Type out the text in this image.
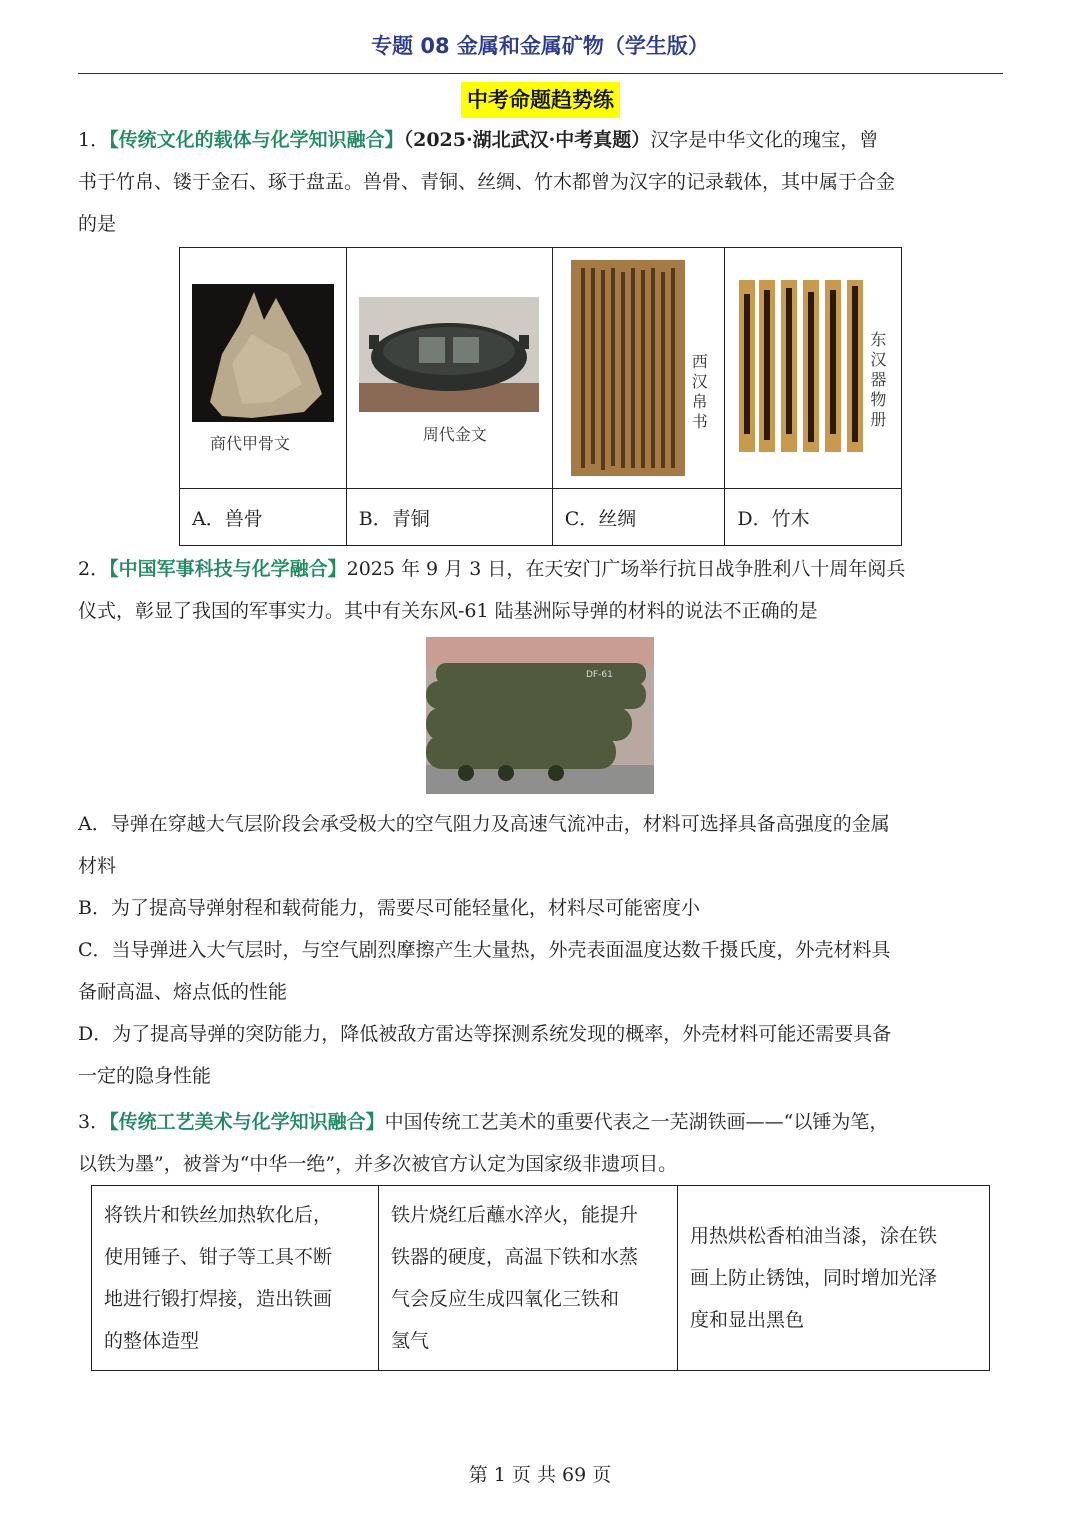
专题 08 金属和金属矿物（学生版）
中考命题趋势练
1．【传统文化的载体与化学知识融合】（2025·湖北武汉·中考真题）汉字是中华文化的瑰宝，曾
书于竹帛、镂于金石、琢于盘盂。兽骨、青铜、丝绸、竹木都曾为汉字的记录载体，其中属于合金
的是
商代甲骨文	周代金文	西汉帛书	东汉器物册

A．兽骨	B．青铜	C．丝绸	D．竹木
2．【中国军事科技与化学融合】2025 年 9 月 3 日，在天安门广场举行抗日战争胜利八十周年阅兵
仪式，彰显了我国的军事实力。其中有关东风-61 陆基洲际导弹的材料的说法不正确的是
DF-61
A．导弹在穿越大气层阶段会承受极大的空气阻力及高速气流冲击，材料可选择具备高强度的金属
材料
B．为了提高导弹射程和载荷能力，需要尽可能轻量化，材料尽可能密度小
C．当导弹进入大气层时，与空气剧烈摩擦产生大量热，外壳表面温度达数千摄氏度，外壳材料具
备耐高温、熔点低的性能
D．为了提高导弹的突防能力，降低被敌方雷达等探测系统发现的概率，外壳材料可能还需要具备
一定的隐身性能
3．【传统工艺美术与化学知识融合】中国传统工艺美术的重要代表之一芜湖铁画——“以锤为笔，
以铁为墨”，被誉为“中华一绝”，并多次被官方认定为国家级非遗项目。
将铁片和铁丝加热软化后，
使用锤子、钳子等工具不断
地进行锻打焊接，造出铁画
的整体造型

铁片烧红后蘸水淬火，能提升
铁器的硬度，高温下铁和水蒸
气会反应生成四氧化三铁和
氢气

用热烘松香柏油当漆，涂在铁
画上防止锈蚀，同时增加光泽
度和显出黑色
第 1 页 共 69 页
